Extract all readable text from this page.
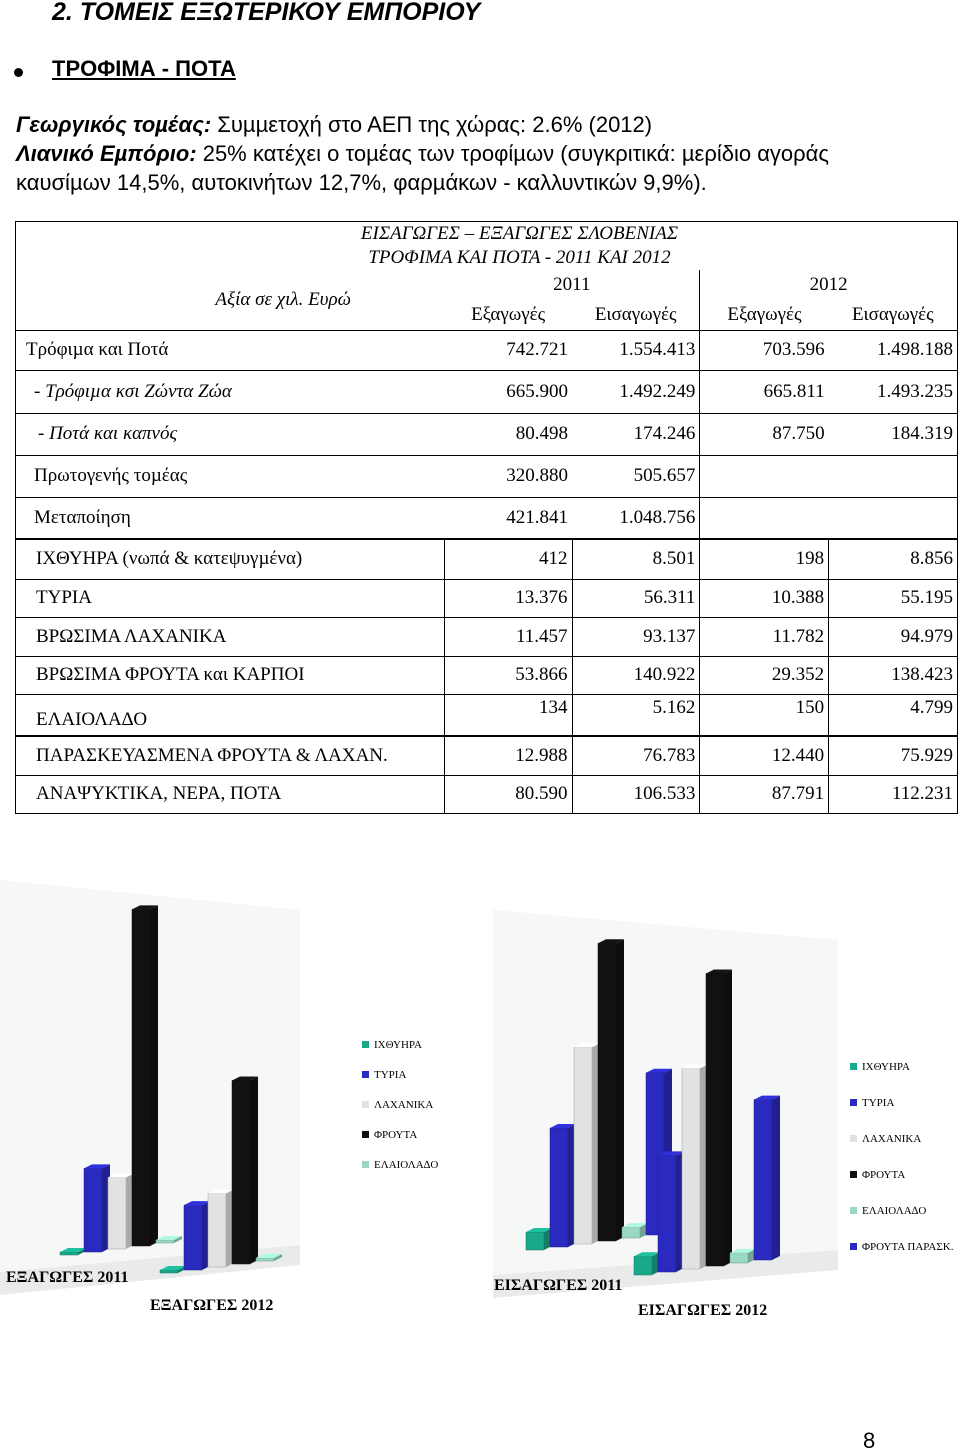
2. ΤΟΜΕΙΣ ΕΞΩΤΕΡΙΚΟΥ ΕΜΠΟΡΙΟΥ
ΤΡΟΦΙΜΑ - ΠΟΤΑ
Γεωργικός τοµέας: Συµµετοχή στο ΑΕΠ της χώρας: 2.6% (2012)
Λιανικό Εµπόριο: 25% κατέχει ο τοµέας των τροφίµων (συγκριτικά: µερίδιο αγοράς
καυσίµων 14,5%, αυτοκινήτων 12,7%, φαρµάκων - καλλυντικών 9,9%).
ΕΙΣΑΓΩΓΕΣ – ΕΞΑΓΩΓΕΣ ΣΛΟΒΕΝΙΑΣ
ΤΡΟΦΙΜΑ ΚΑΙ ΠΟΤΑ - 2011 ΚΑΙ 2012				
Αξία σε χιλ. Ευρώ	2011		2012	
	Εξαγωγές	Εισαγωγές	Εξαγωγές	Εισαγωγές
Τρόφιµα και Ποτά	742.721	1.554.413	703.596	1.498.188
- Τρόφιµα κσι Ζώντα Ζώα	665.900	1.492.249	665.811	1.493.235
- Ποτά και καπνός	80.498	174.246	87.750	184.319
Πρωτογενής τοµέας	320.880	505.657		
Μεταποίηση	421.841	1.048.756		
ΙΧΘΥΗΡΑ (νωπά & κατεψυγµένα)	412	8.501	198	8.856
ΤΥΡΙΑ	13.376	56.311	10.388	55.195
ΒΡΩΣΙΜΑ ΛΑΧΑΝΙΚΑ	11.457	93.137	11.782	94.979
ΒΡΩΣΙΜΑ ΦΡΟΥΤΑ και ΚΑΡΠΟΙ	53.866	140.922	29.352	138.423
ΕΛΑΙΟΛΑ∆Ο	134	5.162	150	4.799
ΠΑΡΑΣΚΕΥΑΣΜΕΝΑ ΦΡΟΥΤΑ & ΛΑΧΑΝ.	12.988	76.783	12.440	75.929
ΑΝΑΨΥΚΤΙΚΑ, ΝΕΡΑ, ΠΟΤΑ	80.590	106.533	87.791	112.231
ΕΞΑΓΩΓΕΣ 2011
ΕΞΑΓΩΓΕΣ 2012
ΙΧΘΥΗΡΑ
ΤΥΡΙΑ
ΛΑΧΑΝΙΚΑ
ΦΡΟΥΤΑ
ΕΛΑΙΟΛΑ∆Ο
ΕΙΣΑΓΩΓΕΣ 2011
ΕΙΣΑΓΩΓΕΣ 2012
ΙΧΘΥΗΡΑ
ΤΥΡΙΑ
ΛΑΧΑΝΙΚΑ
ΦΡΟΥΤΑ
ΕΛΑΙΟΛΑ∆Ο
ΦΡΟΥΤΑ ΠΑΡΑΣΚ.
8
